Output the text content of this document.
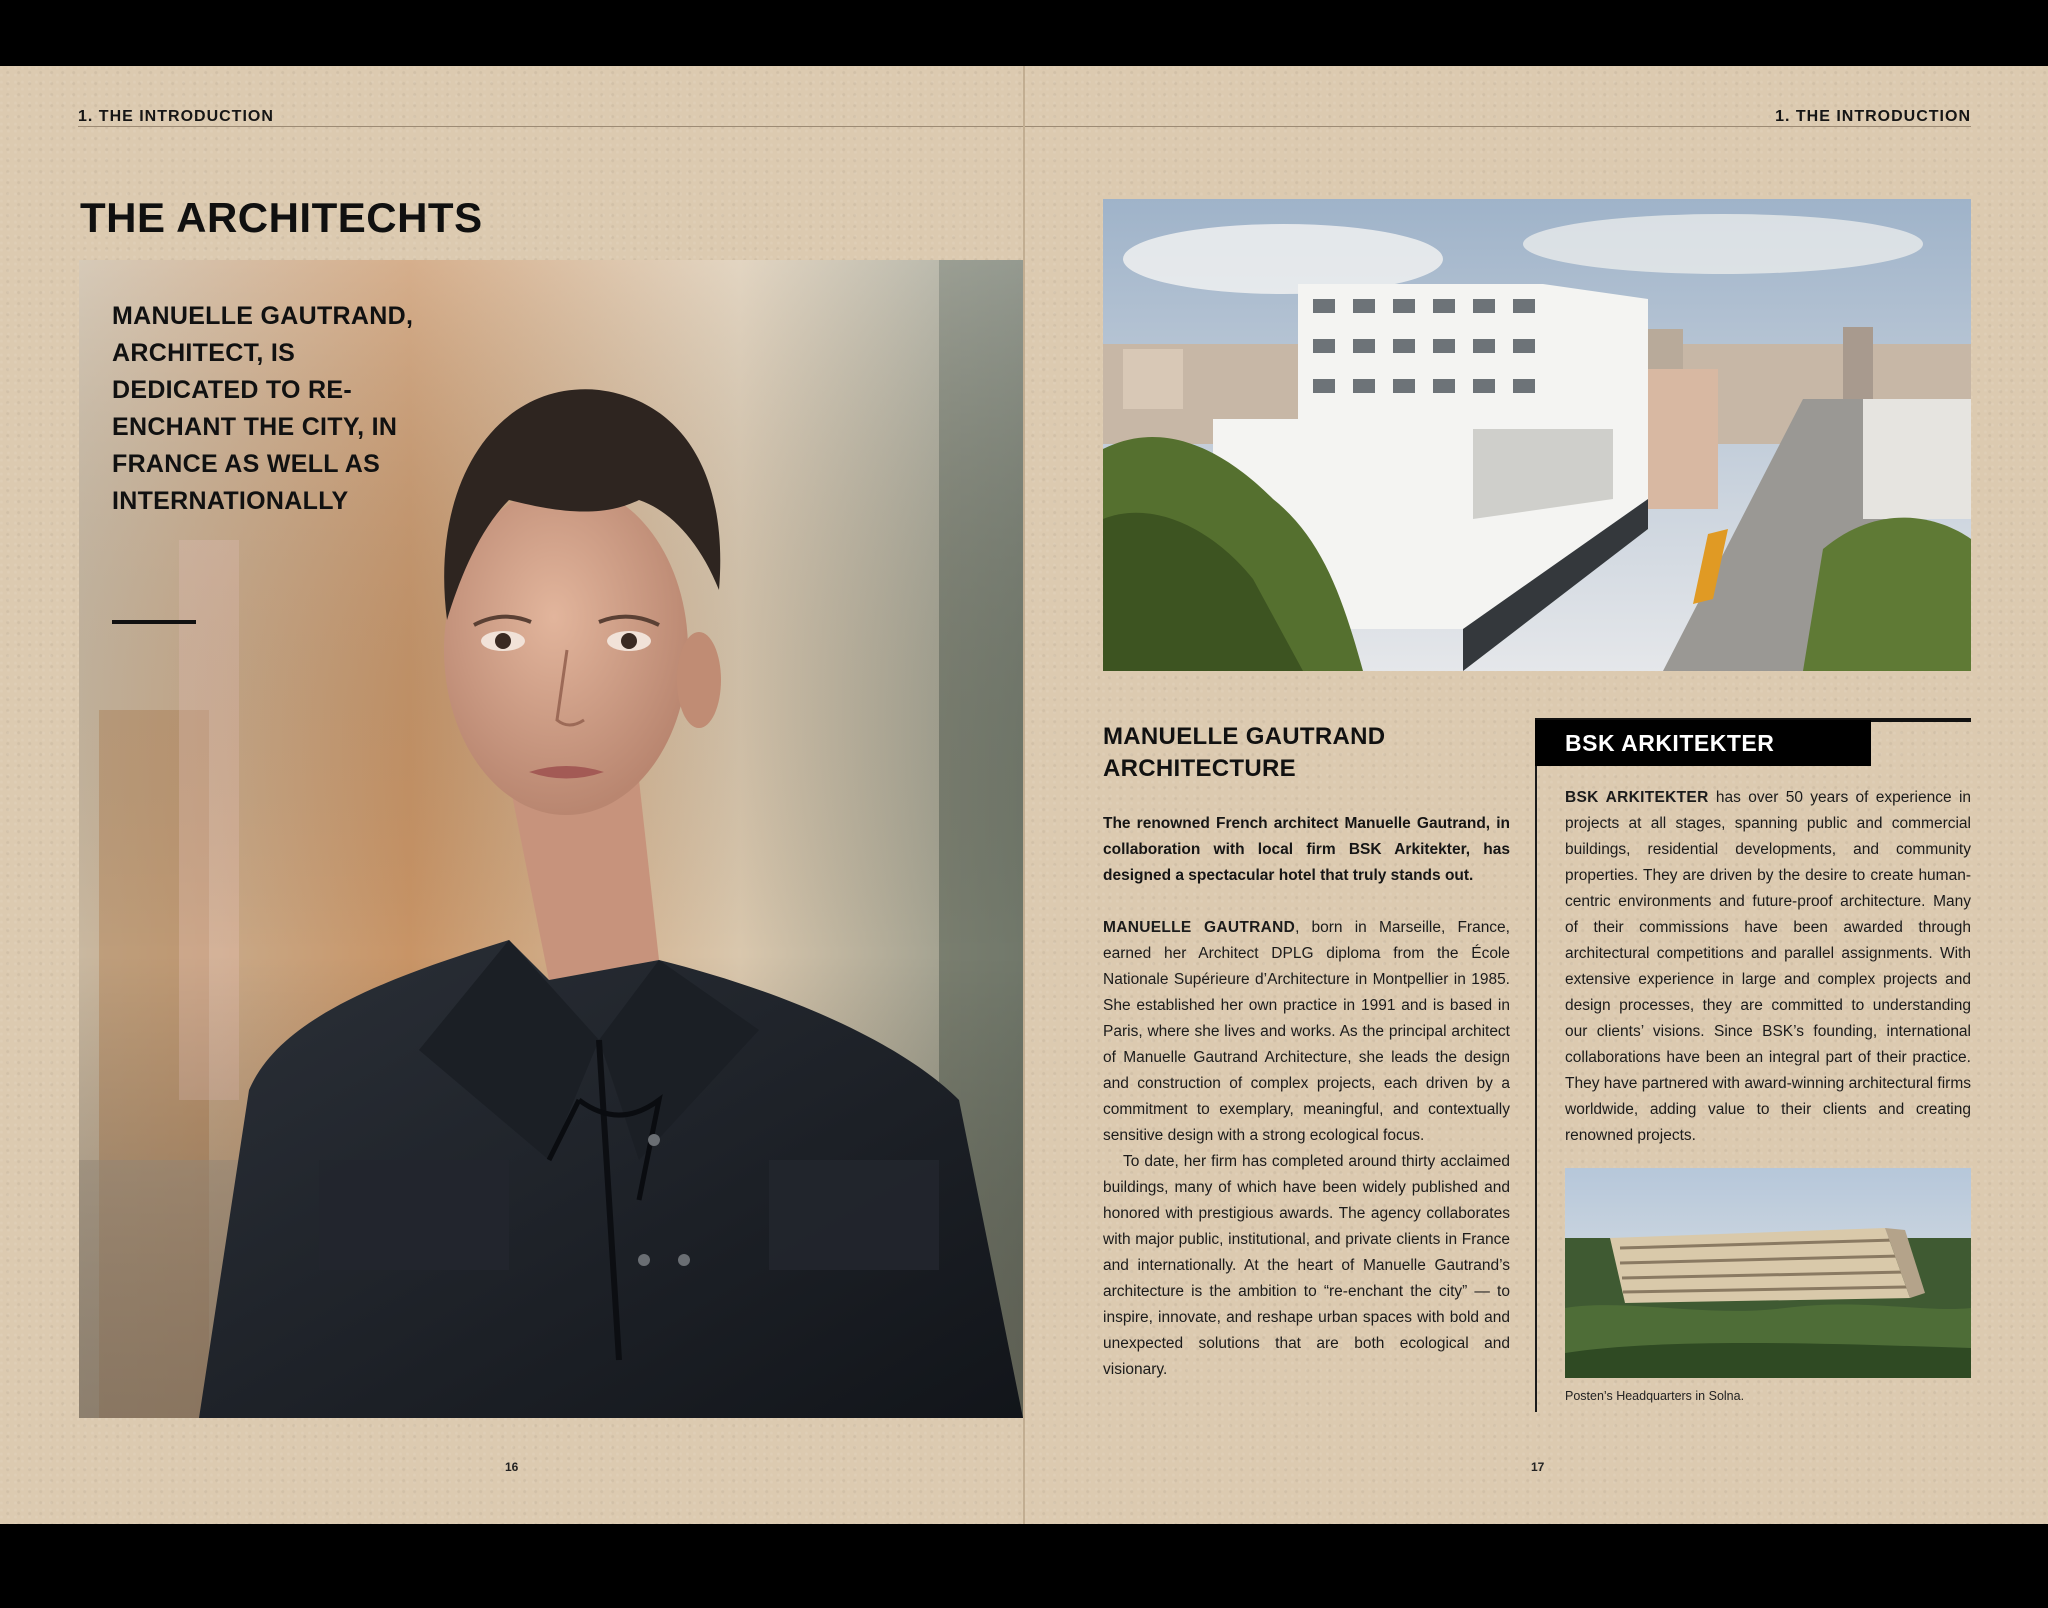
1. THE INTRODUCTION
THE ARCHITECHTS
MANUELLE GAUTRAND, ARCHITECT, IS DEDICATED TO RE-ENCHANT THE CITY, IN FRANCE AS WELL AS INTERNATIONALLY
16
1. THE INTRODUCTION
MANUELLE GAUTRAND ARCHITECTURE
The renowned French architect Manuelle Gautrand, in collaboration with local firm BSK Arkitekter, has designed a spectacular hotel that truly stands out.

MANUELLE GAUTRAND, born in Marseille, France, earned her Architect DPLG diploma from the École Nationale Supérieure d’Architecture in Montpellier in 1985. She established her own practice in 1991 and is based in Paris, where she lives and works. As the principal architect of Manuelle Gautrand Architecture, she leads the design and construction of complex projects, each driven by a commitment to exemplary, meaningful, and contextually sensitive design with a strong ecological focus.

To date, her firm has completed around thirty acclaimed buildings, many of which have been widely published and honored with prestigious awards. The agency collaborates with major public, institutional, and private clients in France and internationally. At the heart of Manuelle Gautrand’s architecture is the ambition to “re-enchant the city” — to inspire, innovate, and reshape urban spaces with bold and unexpected solutions that are both ecological and visionary.

BSK ARKITEKTER
BSK ARKITEKTER has over 50 years of experience in projects at all stages, spanning public and commercial buildings, residential developments, and community properties. They are driven by the desire to create human-centric environments and future-proof architecture. Many of their commissions have been awarded through architectural competitions and parallel assignments. With extensive experience in large and complex projects and design processes, they are committed to understanding our clients’ visions. Since BSK’s founding, international collaborations have been an integral part of their practice. They have partnered with award-winning architectural firms worldwide, adding value to their clients and creating renowned projects.
Posten’s Headquarters in Solna.
17
